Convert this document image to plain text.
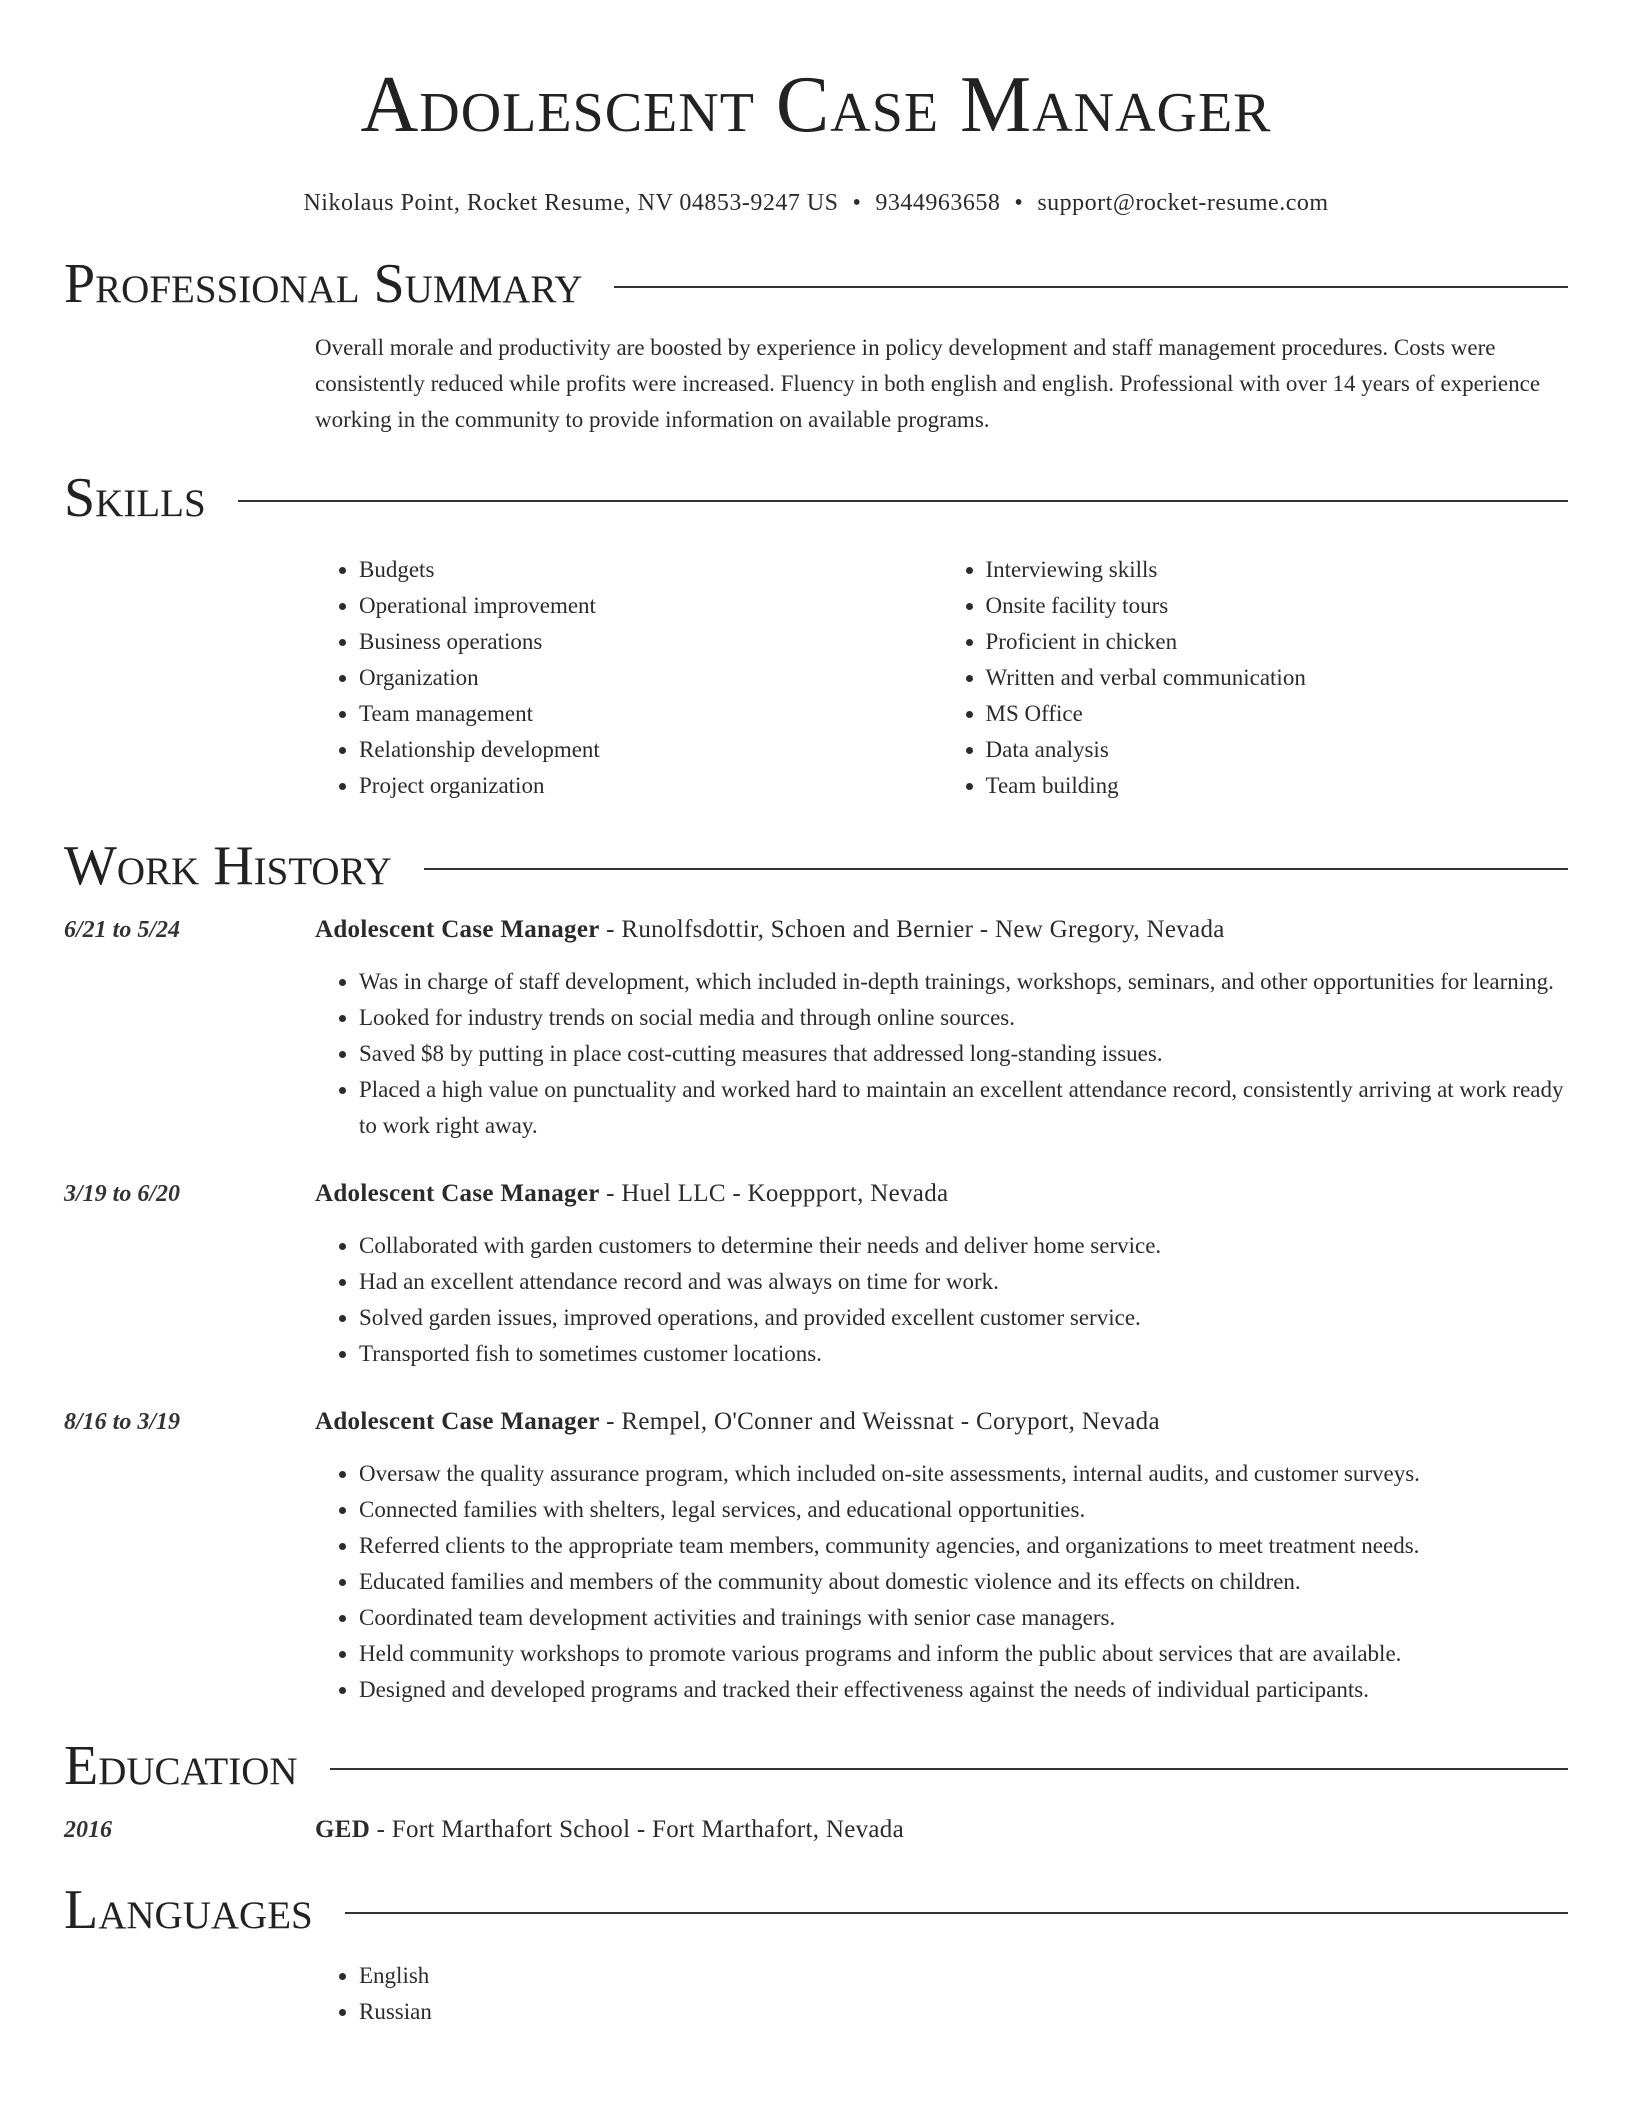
Adolescent Case Manager
Nikolaus Point, Rocket Resume, NV 04853-9247 US • 9344963658 • support@rocket-resume.com
Professional Summary
Overall morale and productivity are boosted by experience in policy development and staff management procedures. Costs were consistently reduced while profits were increased. Fluency in both english and english. Professional with over 14 years of experience working in the community to provide information on available programs.
Skills
• Budgets
• Operational improvement
• Business operations
• Organization
• Team management
• Relationship development
• Project organization
• Interviewing skills
• Onsite facility tours
• Proficient in chicken
• Written and verbal communication
• MS Office
• Data analysis
• Team building
Work History
6/21 to 5/24	Adolescent Case Manager - Runolfsdottir, Schoen and Bernier - New Gregory, Nevada
• Was in charge of staff development, which included in-depth trainings, workshops, seminars, and other opportunities for learning.
• Looked for industry trends on social media and through online sources.
• Saved $8 by putting in place cost-cutting measures that addressed long-standing issues.
• Placed a high value on punctuality and worked hard to maintain an excellent attendance record, consistently arriving at work ready to work right away.
3/19 to 6/20	Adolescent Case Manager - Huel LLC - Koeppport, Nevada
• Collaborated with garden customers to determine their needs and deliver home service.
• Had an excellent attendance record and was always on time for work.
• Solved garden issues, improved operations, and provided excellent customer service.
• Transported fish to sometimes customer locations.
8/16 to 3/19	Adolescent Case Manager - Rempel, O'Conner and Weissnat - Coryport, Nevada
• Oversaw the quality assurance program, which included on-site assessments, internal audits, and customer surveys.
• Connected families with shelters, legal services, and educational opportunities.
• Referred clients to the appropriate team members, community agencies, and organizations to meet treatment needs.
• Educated families and members of the community about domestic violence and its effects on children.
• Coordinated team development activities and trainings with senior case managers.
• Held community workshops to promote various programs and inform the public about services that are available.
• Designed and developed programs and tracked their effectiveness against the needs of individual participants.
Education
2016	GED - Fort Marthafort School - Fort Marthafort, Nevada
Languages
• English
• Russian
